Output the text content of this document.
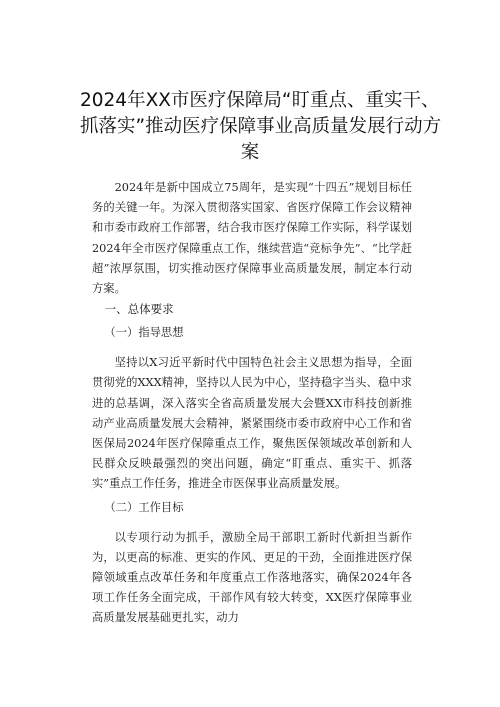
2024年XX市医疗保障局“盯重点、重实干、
抓落实”推动医疗保障事业高质量发展行动方
案

2024年是新中国成立75周年，是实现“十四五”规划目标任务的关键一年。为深入贯彻落实国家、省医疗保障工作会议精神和市委市政府工作部署，结合我市医疗保障工作实际，科学谋划2024年全市医疗保障重点工作，继续营造“竞标争先”、“比学赶超”浓厚氛围，切实推动医疗保障事业高质量发展，制定本行动方案。

一、总体要求

（一）指导思想

坚持以X习近平新时代中国特色社会主义思想为指导，全面贯彻党的XXX精神，坚持以人民为中心，坚持稳字当头、稳中求进的总基调，深入落实全省高质量发展大会暨XX市科技创新推动产业高质量发展大会精神，紧紧围绕市委市政府中心工作和省医保局2024年医疗保障重点工作，聚焦医保领域改革创新和人民群众反映最强烈的突出问题，确定“盯重点、重实干、抓落实”重点工作任务，推进全市医保事业高质量发展。

（二）工作目标

以专项行动为抓手，激励全局干部职工新时代新担当新作为，以更高的标准、更实的作风、更足的干劲，全面推进医疗保障领域重点改革任务和年度重点工作落地落实，确保2024年各项工作任务全面完成，干部作风有较大转变，XX医疗保障事业高质量发展基础更扎实，动力
